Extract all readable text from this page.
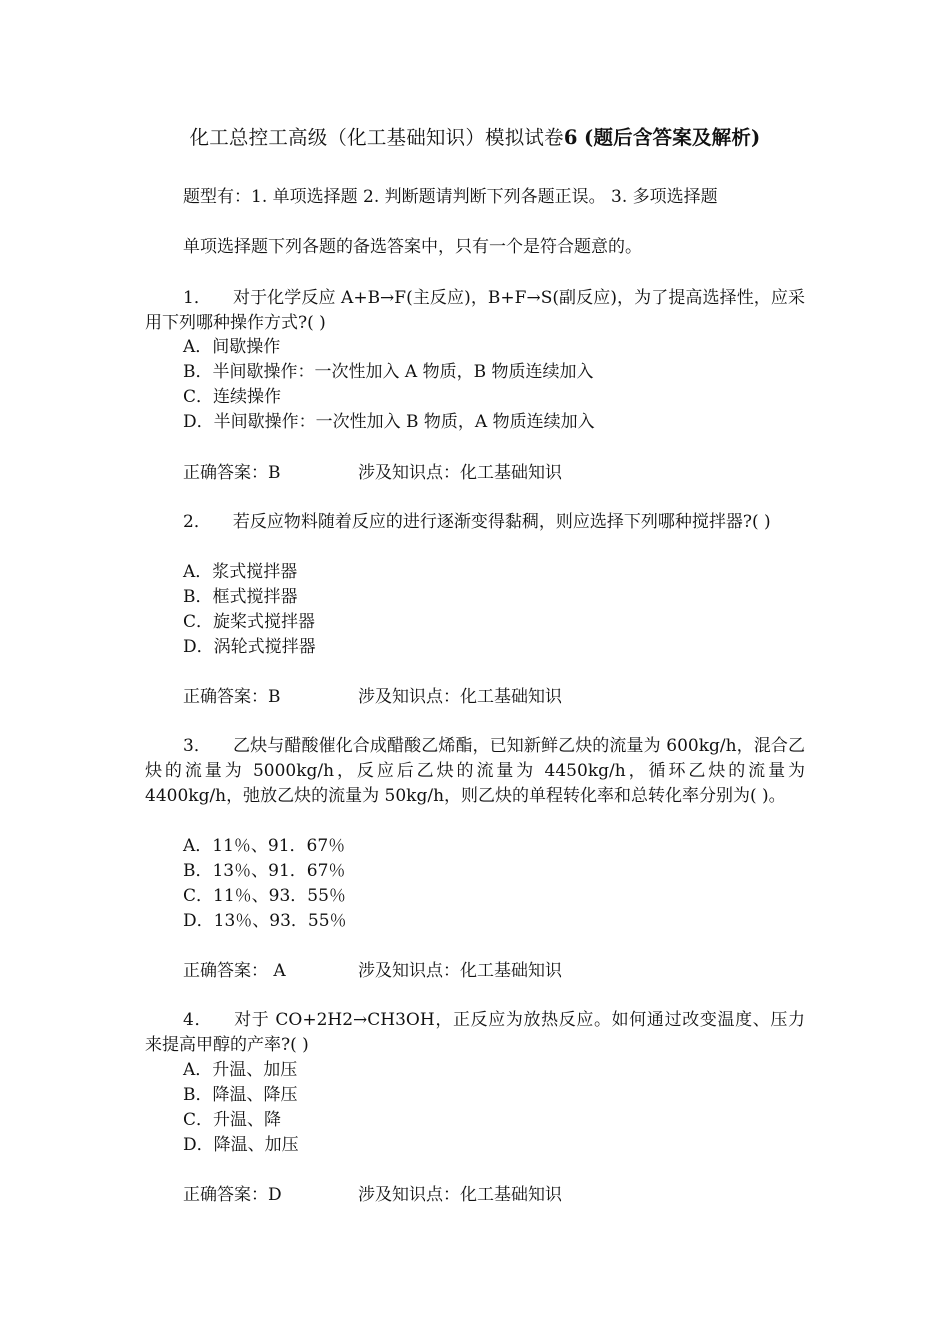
化工总控工高级（化工基础知识）模拟试卷6 (题后含答案及解析)
题型有：1. 单项选择题 2. 判断题请判断下列各题正误。 3. 多项选择题
单项选择题下列各题的备选答案中，只有一个是符合题意的。
1． 对于化学反应 A+B→F(主反应)，B+F→S(副反应)，为了提高选择性，应采用下列哪种操作方式?( )
A．间歇操作
B．半间歇操作：一次性加入 A 物质，B 物质连续加入
C．连续操作
D．半间歇操作：一次性加入 B 物质，A 物质连续加入
正确答案：B	涉及知识点：化工基础知识
2． 若反应物料随着反应的进行逐渐变得黏稠，则应选择下列哪种搅拌器?( )
A．浆式搅拌器
B．框式搅拌器
C．旋桨式搅拌器
D．涡轮式搅拌器
正确答案：B	涉及知识点：化工基础知识
3． 乙炔与醋酸催化合成醋酸乙烯酯，已知新鲜乙炔的流量为 600kg/h，混合乙炔的流量为 5000kg/h，反应后乙炔的流量为 4450kg/h，循环乙炔的流量为 4400kg/h，弛放乙炔的流量为 50kg/h，则乙炔的单程转化率和总转化率分别为( )。
A．11％、91．67％
B．13％、91．67％
C．11％、93．55％
D．13％、93．55％
正确答案： A	涉及知识点：化工基础知识
4． 对于 CO+2H2→CH3OH，正反应为放热反应。如何通过改变温度、压力来提高甲醇的产率?( )
A．升温、加压
B．降温、降压
C．升温、降
D．降温、加压
正确答案：D	涉及知识点：化工基础知识
